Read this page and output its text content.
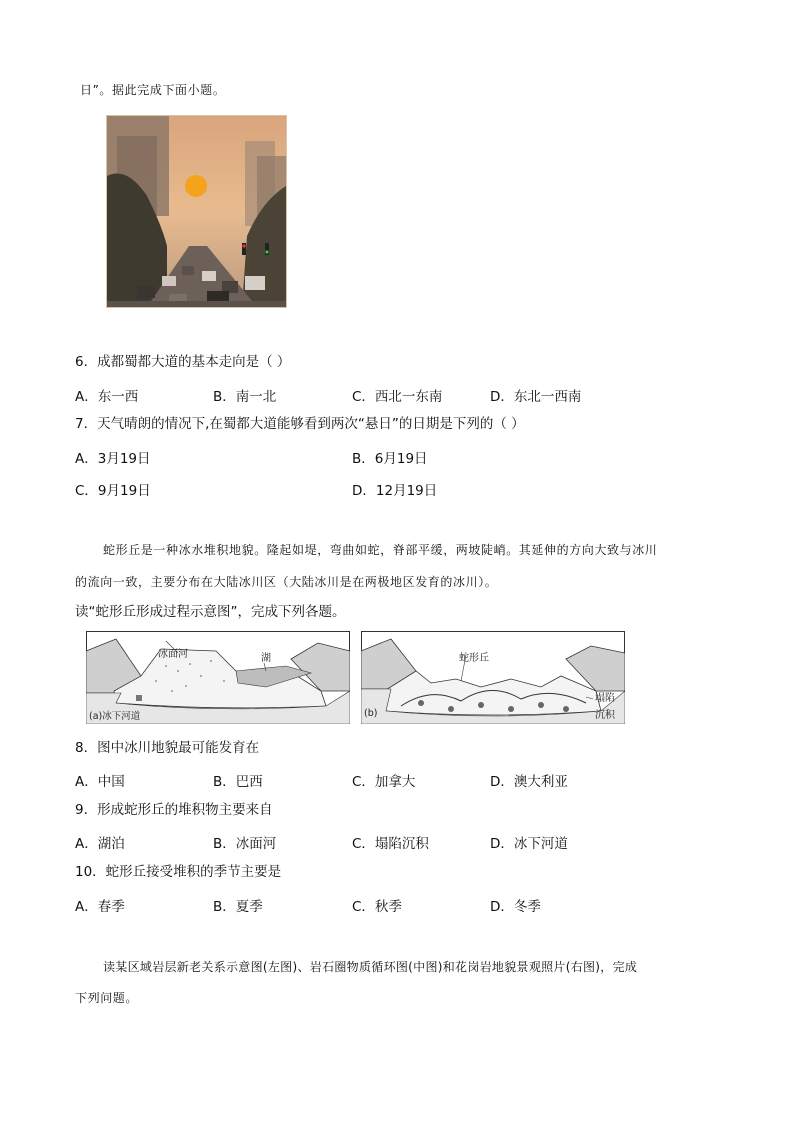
日”。据此完成下面小题。
6．成都蜀都大道的基本走向是（ ）
A．东一西	B．南一北	C．西北一东南	D．东北一西南
7．天气晴朗的情况下,在蜀都大道能够看到两次“悬日”的日期是下列的（ ）
A．3月19日	B．6月19日
C．9月19日	D．12月19日
蛇形丘是一种冰水堆积地貌。隆起如堤，弯曲如蛇，脊部平缓，两坡陡峭。其延伸的方向大致与冰川
的流向一致，主要分布在大陆冰川区（大陆冰川是在两极地区发育的冰川）。
读“蛇形丘形成过程示意图”，完成下列各题。
冰面河	湖
(a)冰下河道
蛇形丘
塌陷
沉积
(b)
8．图中冰川地貌最可能发育在
A．中国	B．巴西	C．加拿大	D．澳大利亚
9．形成蛇形丘的堆积物主要来自
A．湖泊	B．冰面河	C．塌陷沉积	D．冰下河道
10．蛇形丘接受堆积的季节主要是
A．春季	B．夏季	C．秋季	D．冬季
读某区域岩层新老关系示意图(左图)、岩石圈物质循环图(中图)和花岗岩地貌景观照片(右图)，完成
下列问题。
